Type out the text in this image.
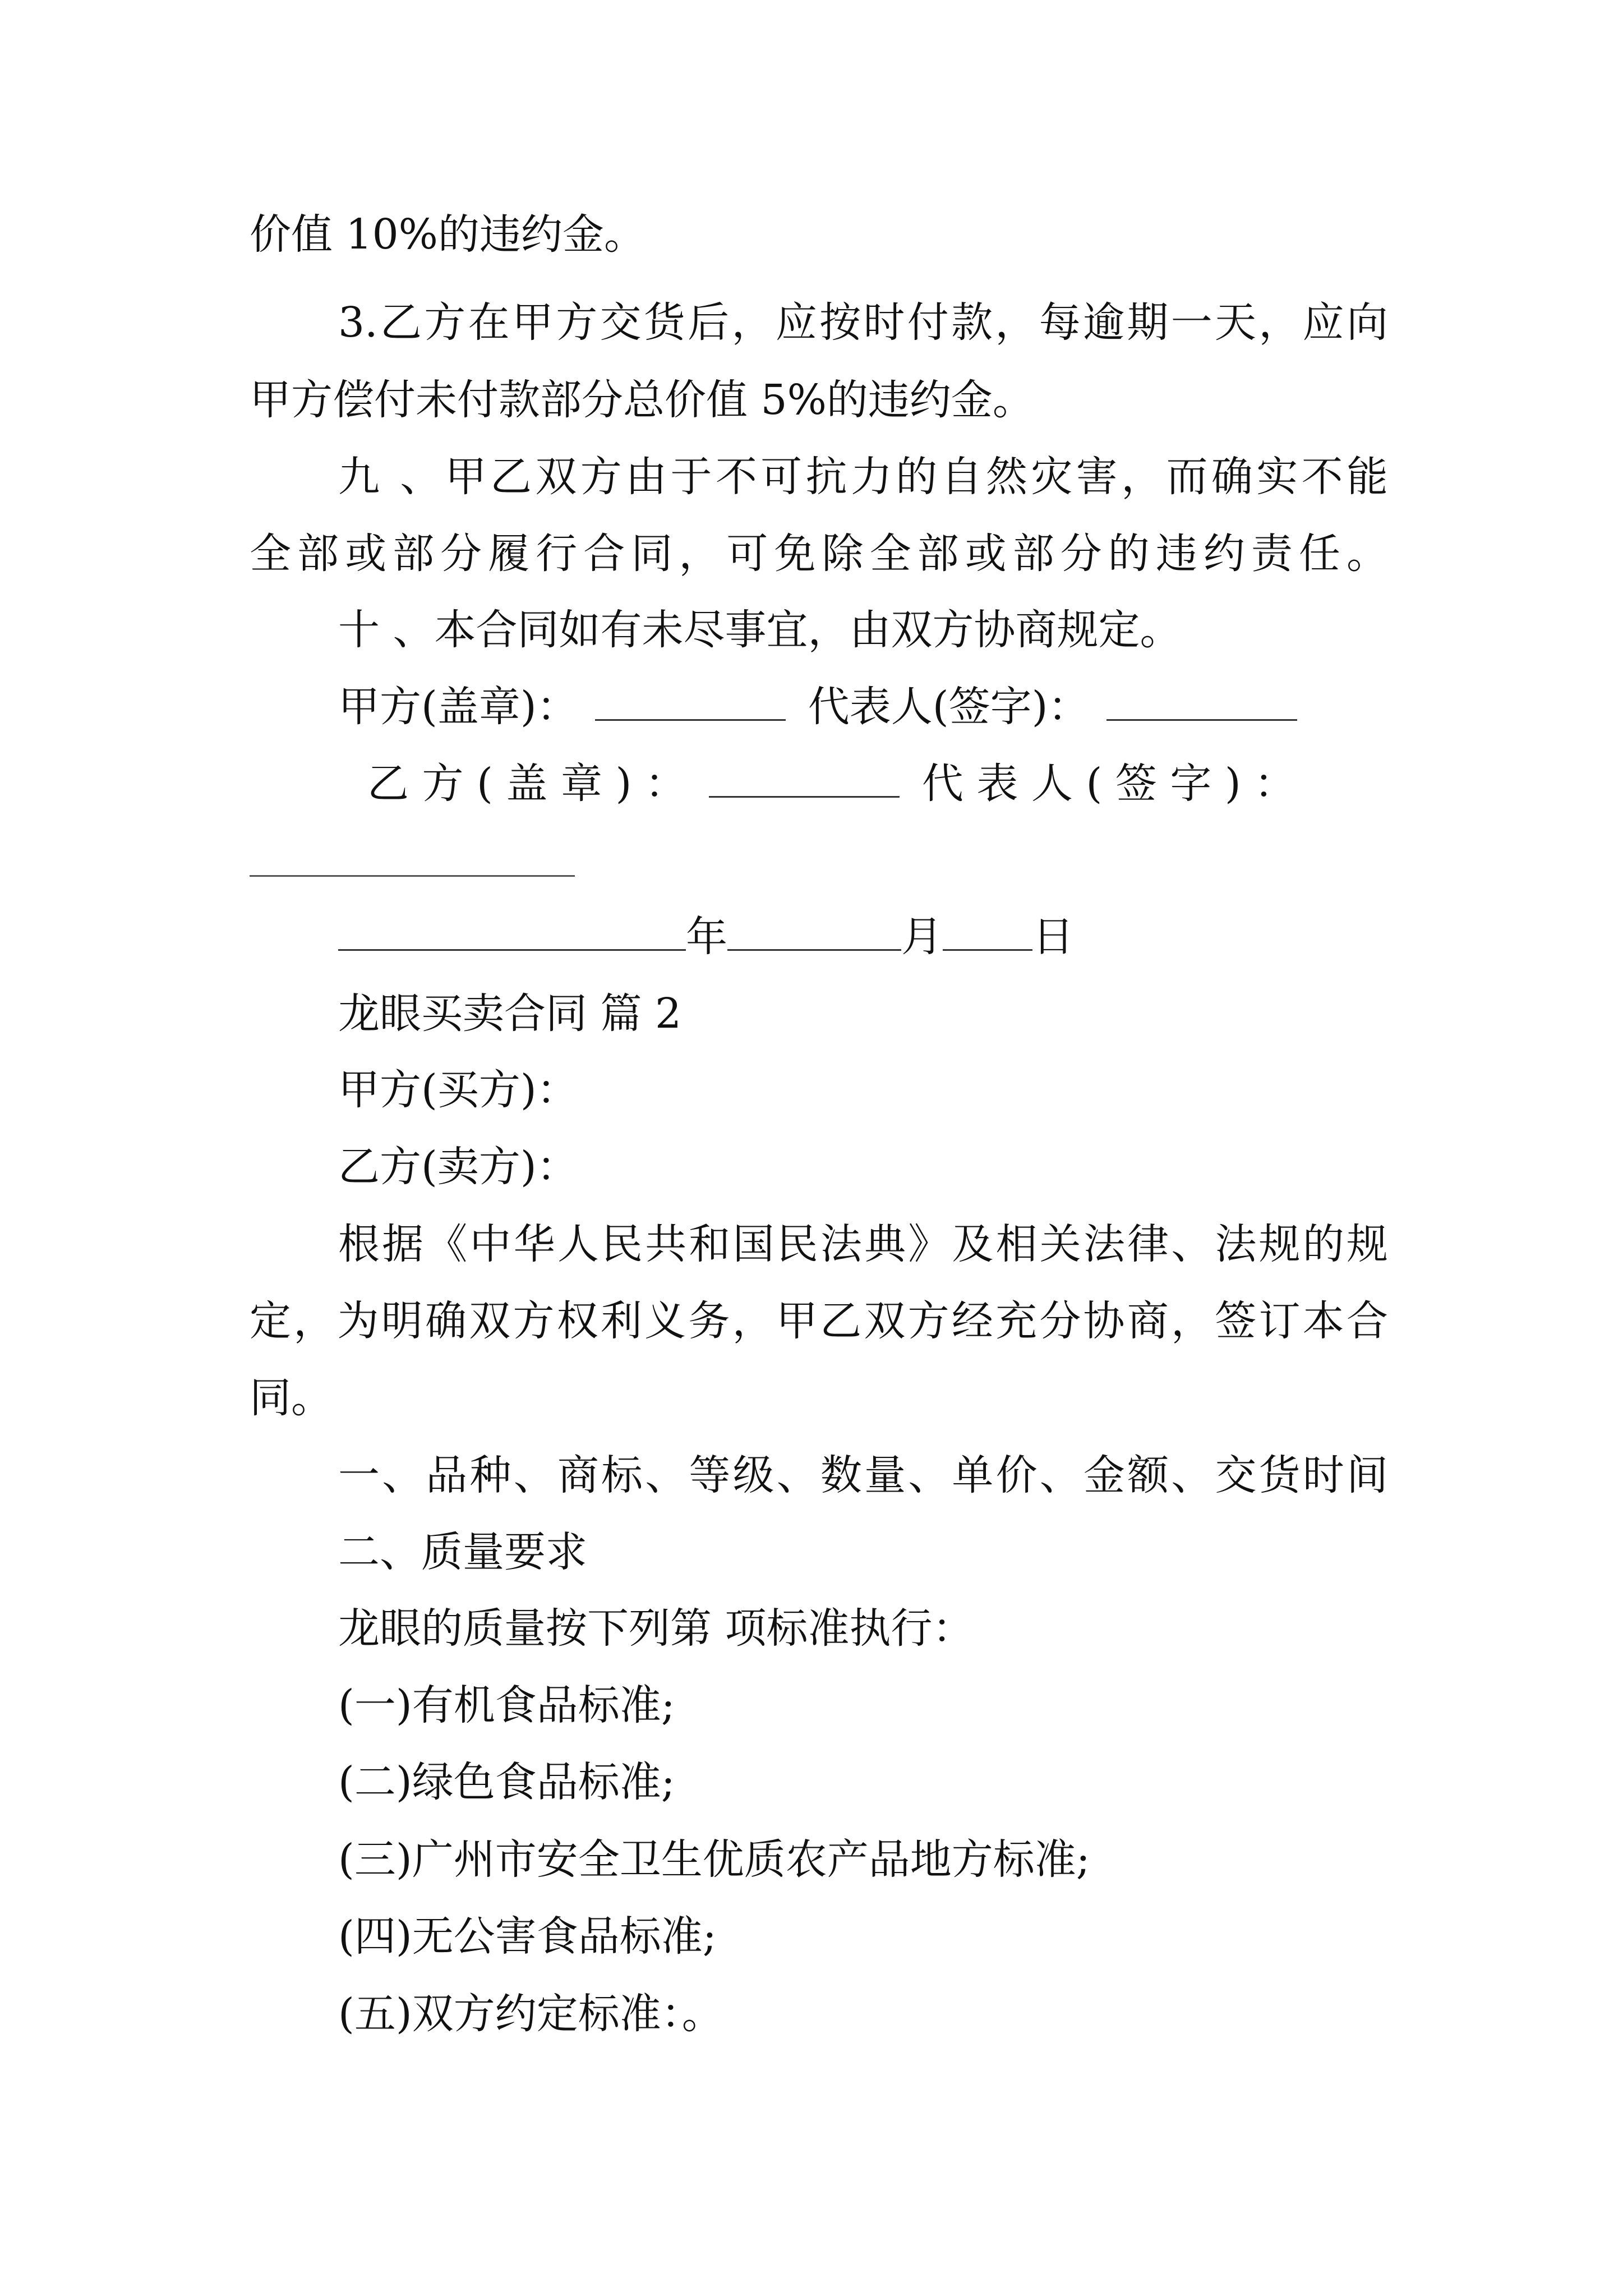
价值 10%的违约金。
3.乙方在甲方交货后，应按时付款，每逾期一天，应向
甲方偿付未付款部分总价值 5%的违约金。
九 、甲乙双方由于不可抗力的自然灾害，而确实不能
全部或部分履行合同，可免除全部或部分的违约责任。
十 、本合同如有未尽事宜，由双方协商规定。
甲方(盖章)：	代表人(签字)：
乙 方 ( 盖 章 ) ：	代 表 人 ( 签 字 ) ：
年	月 日
龙眼买卖合同 篇 2
甲方(买方)：
乙方(卖方)：
根据《中华人民共和国民法典》及相关法律、法规的规
定，为明确双方权利义务，甲乙双方经充分协商，签订本合
同。
一、品种、商标、等级、数量、单价、金额、交货时间
二、质量要求
龙眼的质量按下列第 项标准执行：
(一)有机食品标准;
(二)绿色食品标准;
(三)广州市安全卫生优质农产品地方标准;
(四)无公害食品标准;
(五)双方约定标准：。
